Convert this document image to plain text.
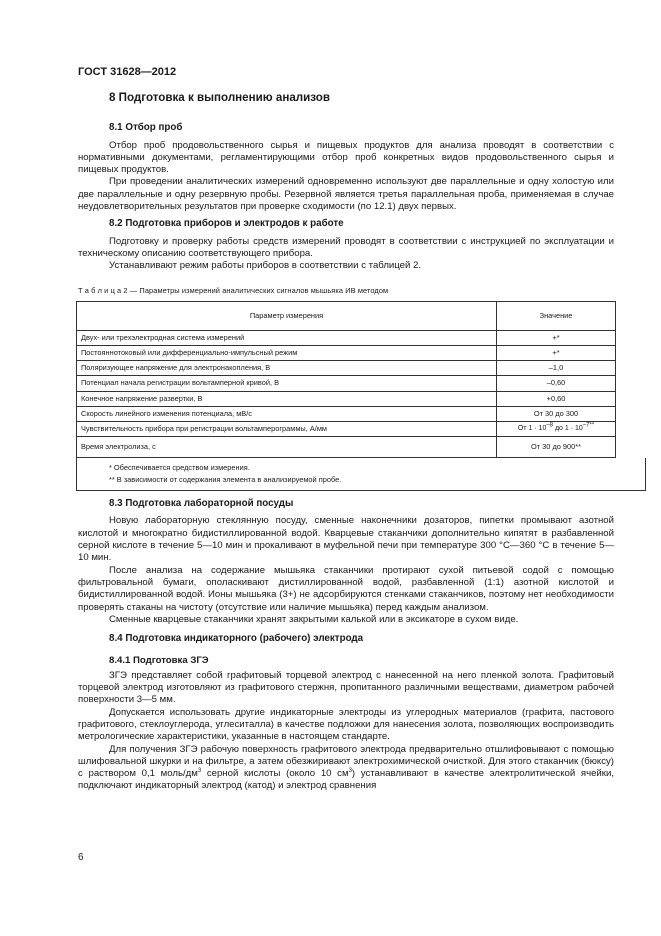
ГОСТ 31628—2012
8 Подготовка к выполнению анализов
8.1 Отбор проб

Отбор проб продовольственного сырья и пищевых продуктов для анализа проводят в соответствии с нормативными документами, регламентирующими отбор проб конкретных видов продовольственного сырья и пищевых продуктов.

При проведении аналитических измерений одновременно используют две параллельные и одну холостую или две параллельные и одну резервную пробы. Резервной является третья параллельная проба, применяемая в случае неудовлетворительных результатов при проверке сходимости (по 12.1) двух первых.

8.2 Подготовка приборов и электродов к работе

Подготовку и проверку работы средств измерений проводят в соответствии с инструкцией по эксплуатации и техническому описанию соответствующего прибора.

Устанавливают режим работы приборов в соответствии с таблицей 2.

Т а б л и ц а 2 — Параметры измерений аналитических сигналов мышьяка ИВ методом
Параметр измерения	Значение
Двух- или трехэлектродная система измерений	+*
Постояннотоковый или дифференциально-импульсный режим	+*
Поляризующее напряжение для электронакопления, В	–1,0
Потенциал начала регистрации вольтамперной кривой, В	–0,60
Конечное напряжение развертки, В	+0,60
Скорость линейного изменения потенциала, мВ/с	От 30 до 300
Чувствительность прибора при регистрации вольтамперограммы, А/мм	От $1 \cdot 10^{-8}$ до $1 \cdot 10^{-7**}$
Время электролиза, с	От 30 до 900**
* Обеспечивается средством измерения.
** В зависимости от содержания элемента в анализируемой пробе.
8.3 Подготовка лабораторной посуды

Новую лабораторную стеклянную посуду, сменные наконечники дозаторов, пипетки промывают азотной кислотой и многократно бидистиллированной водой. Кварцевые стаканчики дополнительно кипятят в разбавленной серной кислоте в течение 5—10 мин и прокаливают в муфельной печи при температуре 300 °С—360 °С в течение 5—10 мин.

После анализа на содержание мышьяка стаканчики протирают сухой питьевой содой с помощью фильтровальной бумаги, ополаскивают дистиллированной водой, разбавленной (1:1) азотной кислотой и бидистиллированной водой. Ионы мышьяка (3+) не адсорбируются стенками стаканчиков, поэтому нет необходимости проверять стаканы на чистоту (отсутствие или наличие мышьяка) перед каждым анализом.

Сменные кварцевые стаканчики хранят закрытыми калькой или в эксикаторе в сухом виде.

8.4 Подготовка индикаторного (рабочего) электрода
8.4.1 Подготовка ЗГЭ

ЗГЭ представляет собой графитовый торцевой электрод с нанесенной на него пленкой золота. Графитовый торцевой электрод изготовляют из графитового стержня, пропитанного различными веществами, диаметром рабочей поверхности 3—5 мм.

Допускается использовать другие индикаторные электроды из углеродных материалов (графита, пастового графитового, стеклоуглерода, углеситалла) в качестве подложки для нанесения золота, позволяющих воспроизводить метрологические характеристики, указанные в настоящем стандарте.

Для получения ЗГЭ рабочую поверхность графитового электрода предварительно отшлифовывают с помощью шлифовальной шкурки и на фильтре, а затем обезжиривают электрохимической очисткой. Для этого стаканчик (бюксу) с раствором 0,1 моль/$дм^3$ серной кислоты (около 10 $см^3$) устанавливают в качестве электролитической ячейки, подключают индикаторный электрод (катод) и электрод сравнения

6
